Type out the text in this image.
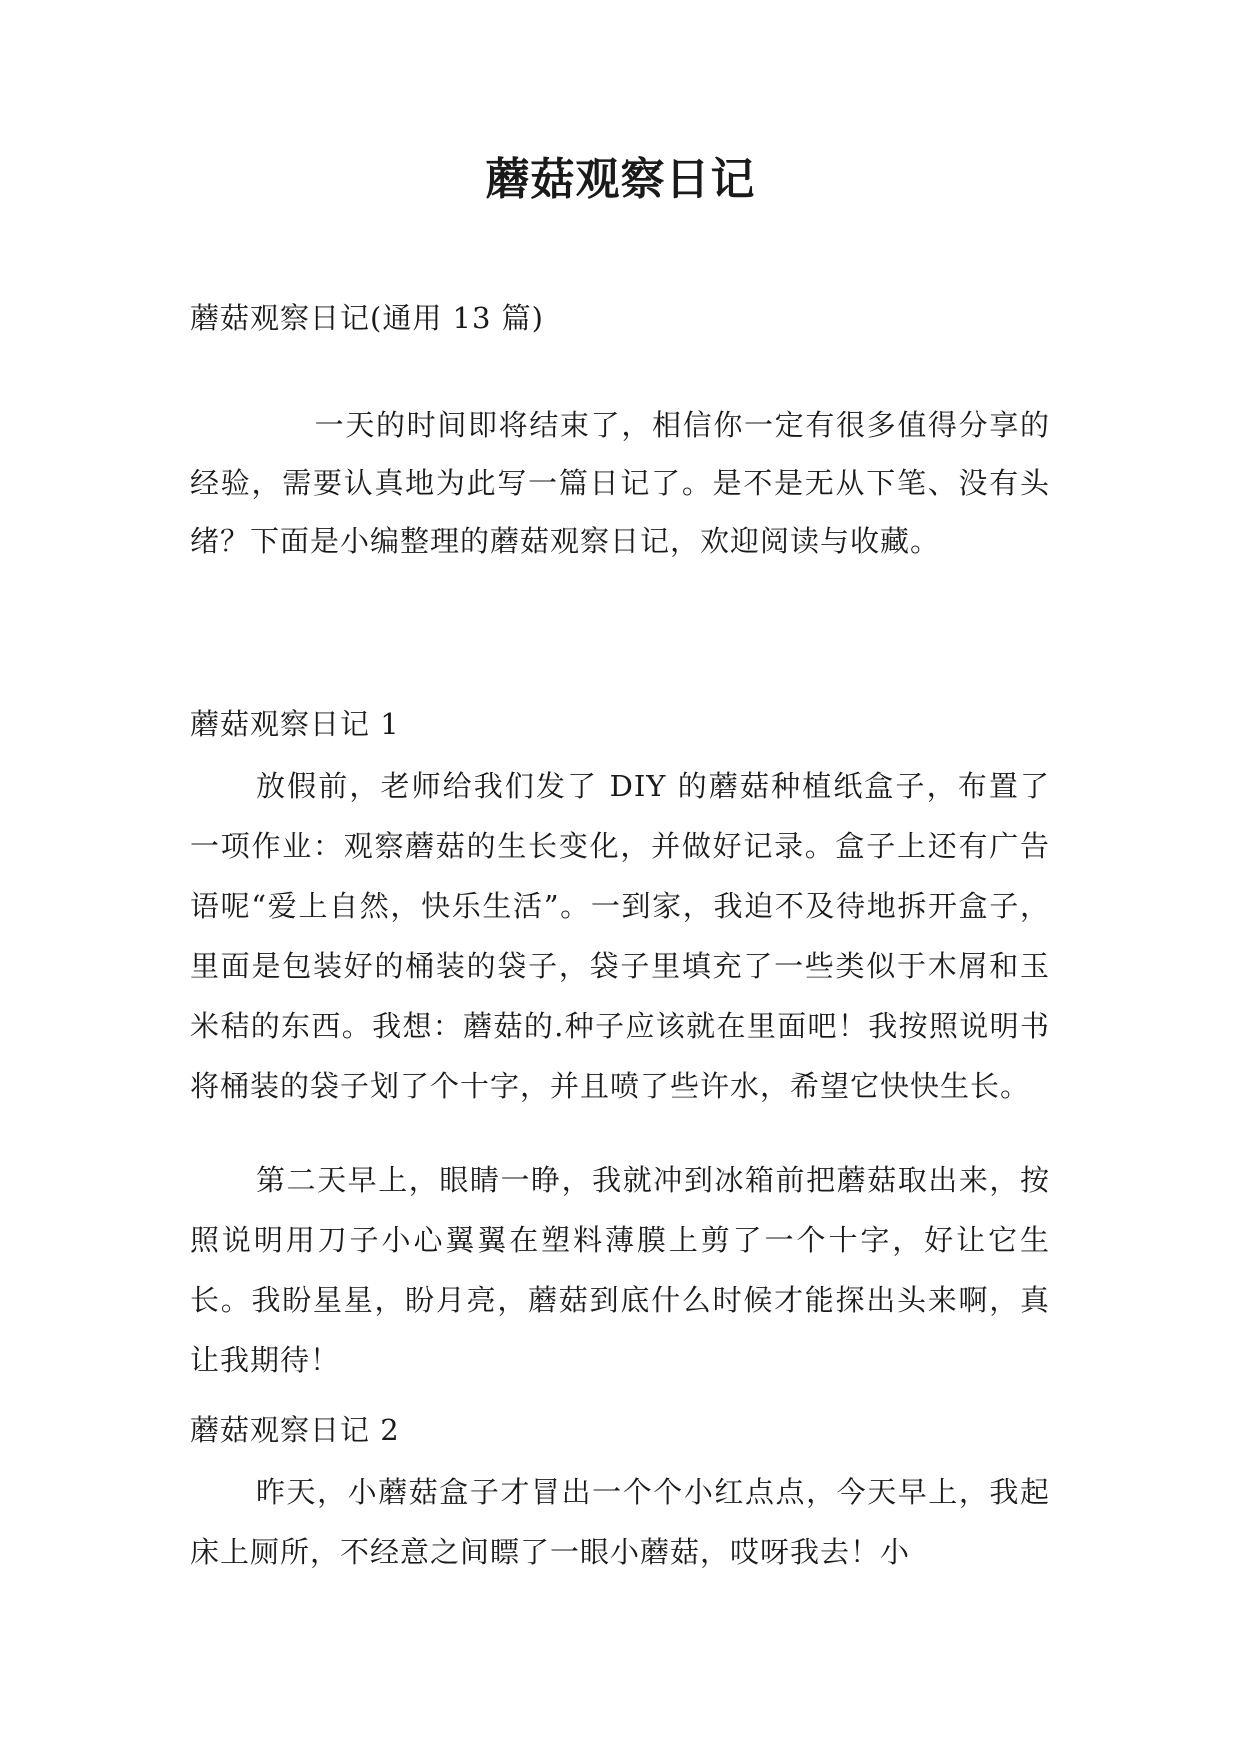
蘑菇观察日记
蘑菇观察日记(通用 13 篇)
一天的时间即将结束了，相信你一定有很多值得分享的经验，需要认真地为此写一篇日记了。是不是无从下笔、没有头绪？下面是小编整理的蘑菇观察日记，欢迎阅读与收藏。
蘑菇观察日记 1
放假前，老师给我们发了 DIY 的蘑菇种植纸盒子，布置了一项作业：观察蘑菇的生长变化，并做好记录。盒子上还有广告语呢“爱上自然，快乐生活”。一到家，我迫不及待地拆开盒子，里面是包装好的桶装的袋子，袋子里填充了一些类似于木屑和玉米秸的东西。我想：蘑菇的.种子应该就在里面吧！我按照说明书将桶装的袋子划了个十字，并且喷了些许水，希望它快快生长。
第二天早上，眼睛一睁，我就冲到冰箱前把蘑菇取出来，按照说明用刀子小心翼翼在塑料薄膜上剪了一个十字，好让它生长。我盼星星，盼月亮，蘑菇到底什么时候才能探出头来啊，真让我期待！
蘑菇观察日记 2
昨天，小蘑菇盒子才冒出一个个小红点点，今天早上，我起床上厕所，不经意之间瞟了一眼小蘑菇，哎呀我去！小
